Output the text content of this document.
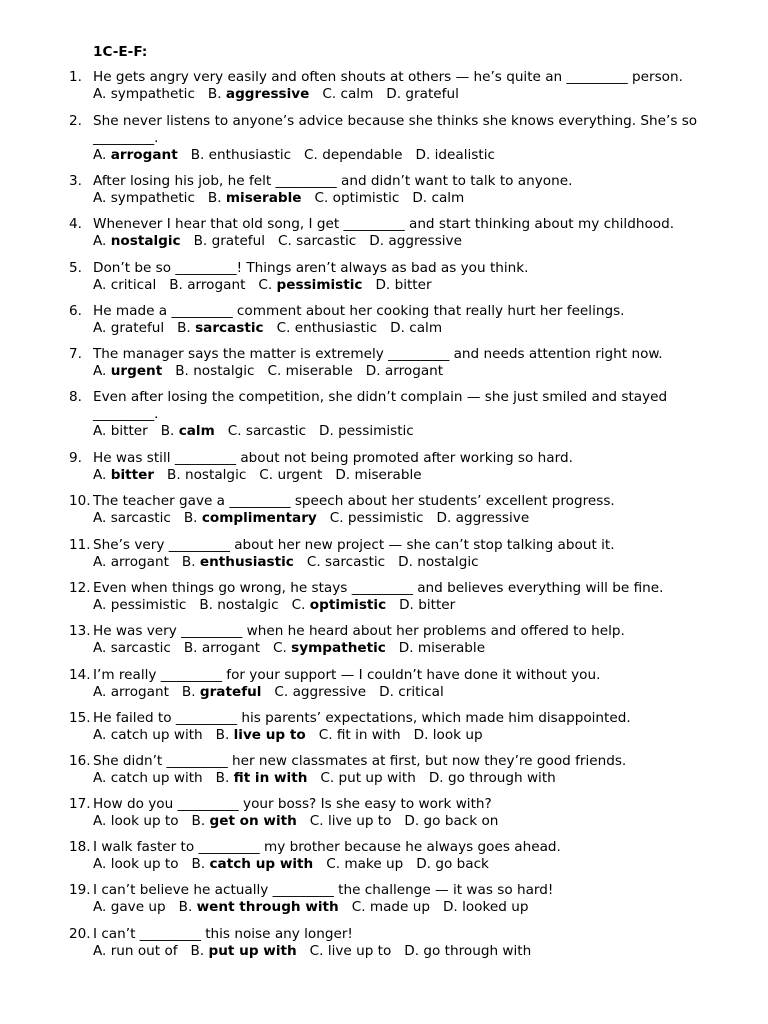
1C-E-F:
1. He gets angry very easily and often shouts at others — he’s quite an _________ person.
A. sympathetic B. aggressive C. calm D. grateful
2. She never listens to anyone’s advice because she thinks she knows everything. She’s so _________.
A. arrogant B. enthusiastic C. dependable D. idealistic
3. After losing his job, he felt _________ and didn’t want to talk to anyone.
A. sympathetic B. miserable C. optimistic D. calm
4. Whenever I hear that old song, I get _________ and start thinking about my childhood.
A. nostalgic B. grateful C. sarcastic D. aggressive
5. Don’t be so _________! Things aren’t always as bad as you think.
A. critical B. arrogant C. pessimistic D. bitter
6. He made a _________ comment about her cooking that really hurt her feelings.
A. grateful B. sarcastic C. enthusiastic D. calm
7. The manager says the matter is extremely _________ and needs attention right now.
A. urgent B. nostalgic C. miserable D. arrogant
8. Even after losing the competition, she didn’t complain — she just smiled and stayed _________.
A. bitter B. calm C. sarcastic D. pessimistic
9. He was still _________ about not being promoted after working so hard.
A. bitter B. nostalgic C. urgent D. miserable
10. The teacher gave a _________ speech about her students’ excellent progress.
A. sarcastic B. complimentary C. pessimistic D. aggressive
11. She’s very _________ about her new project — she can’t stop talking about it.
A. arrogant B. enthusiastic C. sarcastic D. nostalgic
12. Even when things go wrong, he stays _________ and believes everything will be fine.
A. pessimistic B. nostalgic C. optimistic D. bitter
13. He was very _________ when he heard about her problems and offered to help.
A. sarcastic B. arrogant C. sympathetic D. miserable
14. I’m really _________ for your support — I couldn’t have done it without you.
A. arrogant B. grateful C. aggressive D. critical
15. He failed to _________ his parents’ expectations, which made him disappointed.
A. catch up with B. live up to C. fit in with D. look up
16. She didn’t _________ her new classmates at first, but now they’re good friends.
A. catch up with B. fit in with C. put up with D. go through with
17. How do you _________ your boss? Is she easy to work with?
A. look up to B. get on with C. live up to D. go back on
18. I walk faster to _________ my brother because he always goes ahead.
A. look up to B. catch up with C. make up D. go back
19. I can’t believe he actually _________ the challenge — it was so hard!
A. gave up B. went through with C. made up D. looked up
20. I can’t _________ this noise any longer!
A. run out of B. put up with C. live up to D. go through with
